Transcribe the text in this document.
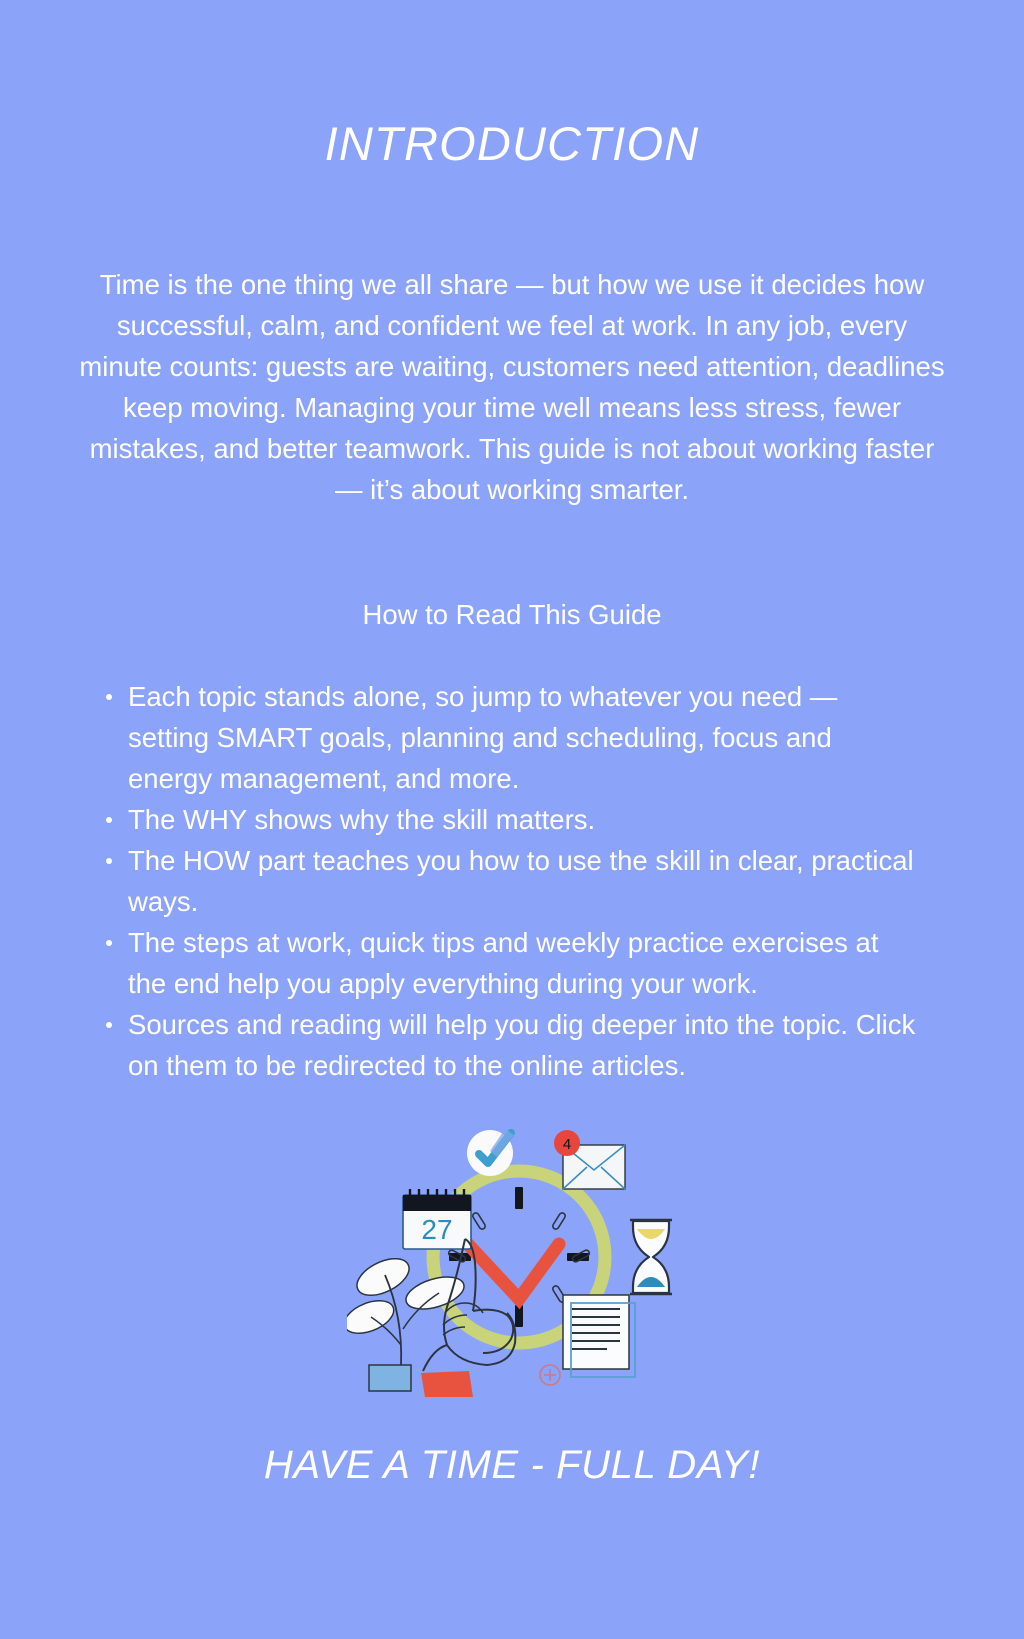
INTRODUCTION

Time is the one thing we all share — but how we use it decides how successful, calm, and confident we feel at work. In any job, every minute counts: guests are waiting, customers need attention, deadlines keep moving. Managing your time well means less stress, fewer mistakes, and better teamwork. This guide is not about working faster — it’s about working smarter.

How to Read This Guide
Each topic stands alone, so jump to whatever you need — setting SMART goals, planning and scheduling, focus and energy management, and more.
The WHY shows why the skill matters.
The HOW part teaches you how to use the skill in clear, practical ways.
The steps at work, quick tips and weekly practice exercises at the end help you apply everything during your work.
Sources and reading will help you dig deeper into the topic. Click on them to be redirected to the online articles.
4
27

HAVE A TIME - FULL DAY!
